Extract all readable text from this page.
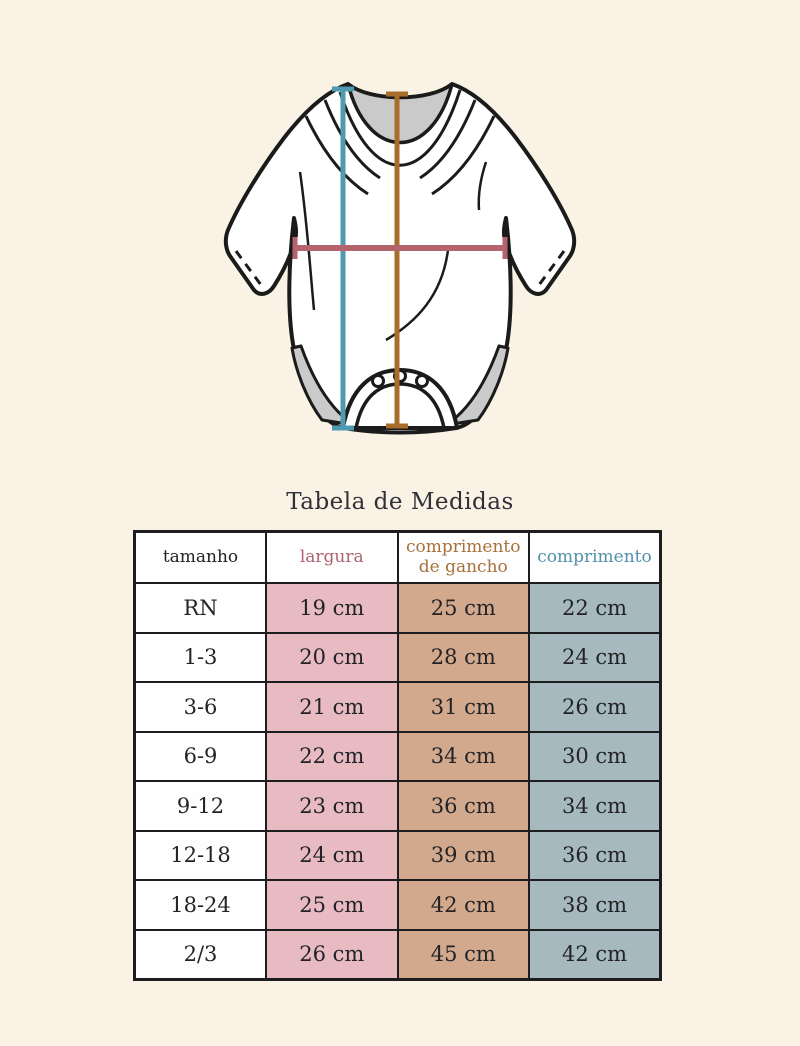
Tabela de Medidas
tamanho	largura	comprimento de gancho	comprimento
RN	19 cm	25 cm	22 cm
1-3	20 cm	28 cm	24 cm
3-6	21 cm	31 cm	26 cm
6-9	22 cm	34 cm	30 cm
9-12	23 cm	36 cm	34 cm
12-18	24 cm	39 cm	36 cm
18-24	25 cm	42 cm	38 cm
2/3	26 cm	45 cm	42 cm
